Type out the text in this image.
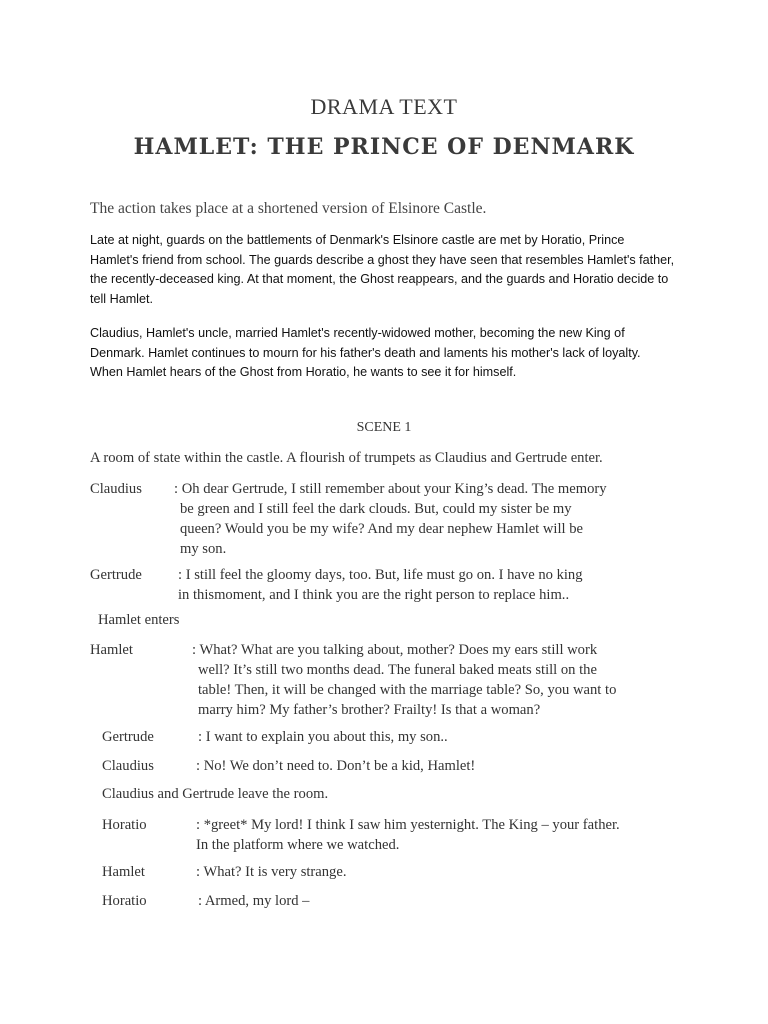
DRAMA TEXT
HAMLET: THE PRINCE OF DENMARK
The action takes place at a shortened version of Elsinore Castle.

Late at night, guards on the battlements of Denmark's Elsinore castle are met by Horatio, Prince

Hamlet's friend from school. The guards describe a ghost they have seen that resembles Hamlet's father,

the recently-deceased king. At that moment, the Ghost reappears, and the guards and Horatio decide to

tell Hamlet.

Claudius, Hamlet's uncle, married Hamlet's recently-widowed mother, becoming the new King of

Denmark. Hamlet continues to mourn for his father's death and laments his mother's lack of loyalty.

When Hamlet hears of the Ghost from Horatio, he wants to see it for himself.

SCENE 1
A room of state within the castle. A flourish of trumpets as Claudius and Gertrude enter.
Claudius : Oh dear Gertrude, I still remember about your King’s dead. The memory
be green and I still feel the dark clouds. But, could my sister be my
queen? Would you be my wife? And my dear nephew Hamlet will be
my son.
Gertrude : I still feel the gloomy days, too. But, life must go on. I have no king
in thismoment, and I think you are the right person to replace him..
Hamlet enters
Hamlet	: What? What are you talking about, mother? Does my ears still work
well? It’s still two months dead. The funeral baked meats still on the
table! Then, it will be changed with the marriage table? So, you want to
marry him? My father’s brother? Frailty! Is that a woman?
Gertrude	: I want to explain you about this, my son..
Claudius	: No! We don’t need to. Don’t be a kid, Hamlet!
Claudius and Gertrude leave the room.
Horatio	: *greet* My lord! I think I saw him yesternight. The King – your father.
In the platform where we watched.
Hamlet	: What? It is very strange.
Horatio	: Armed, my lord –
